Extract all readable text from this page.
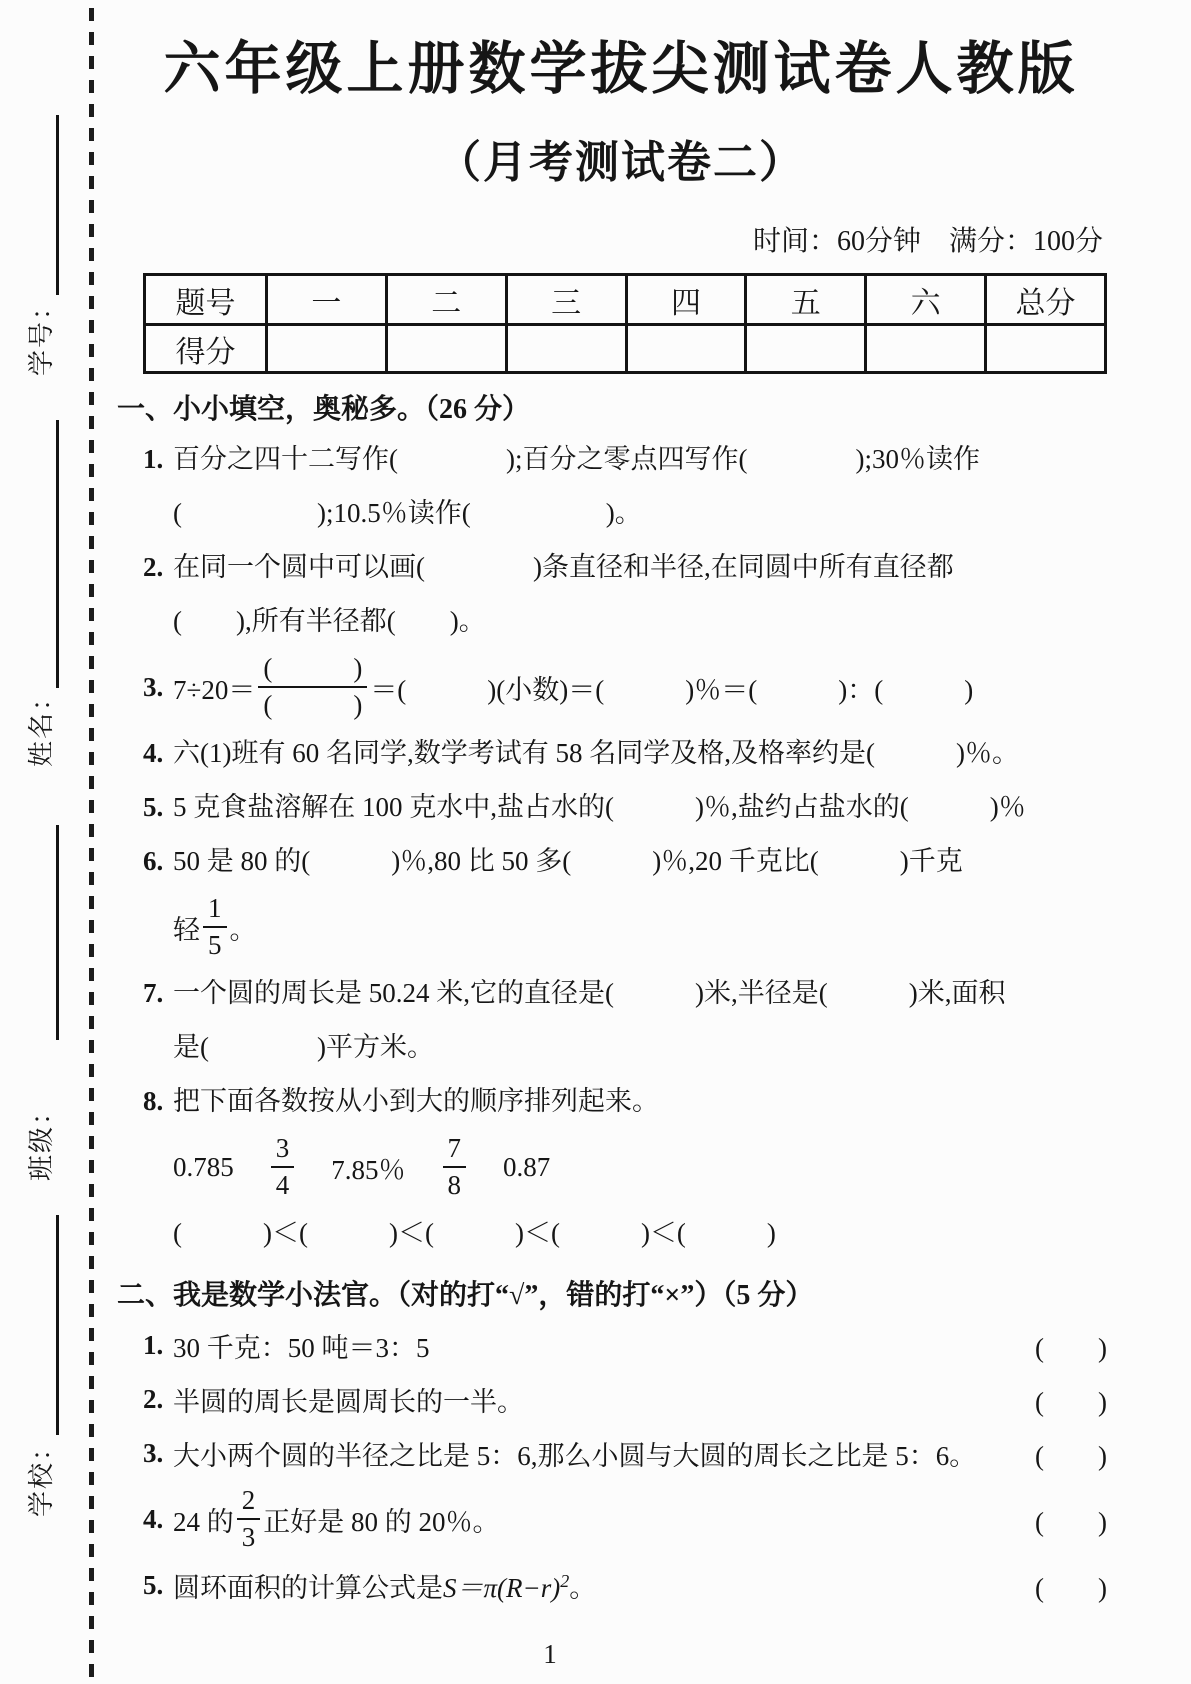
学号：
姓名：
班级：
学校：
六年级上册数学拔尖测试卷人教版
（月考测试卷二）
时间：60分钟　满分：100分
题号	一	二	三	四	五	六	总分
得分							
一、小小填空，奥秘多。（26 分）
1. 百分之四十二写作(　　　　);百分之零点四写作(　　　　);30％读作
(　　　　　);10.5％读作(　　　　　)。
2. 在同一个圆中可以画(　　　　)条直径和半径,在同圆中所有直径都
(　　),所有半径都(　　)。
3. $7\div 20= \frac{( )}{( )}$ ＝(　　　)(小数)＝(　　　)％＝(　　　)：(　　　)
4. 六(1)班有 60 名同学,数学考试有 58 名同学及格,及格率约是(　　　)％。
5. 5 克食盐溶解在 100 克水中,盐占水的(　　　)％,盐约占盐水的(　　　)％
6. 50 是 80 的(　　　)％,80 比 50 多(　　　)％,20 千克比(　　　)千克
轻 $\frac{1}{5}$ 。
7. 一个圆的周长是 50.24 米,它的直径是(　　　)米,半径是(　　　)米,面积
是(　　　　)平方米。
8. 把下面各数按从小到大的顺序排列起来。
$0.785 \frac{3}{4} 7.85$％ $\frac{7}{8} 0.87$
(　　　)＜(　　　)＜(　　　)＜(　　　)＜(　　　)
二、我是数学小法官。（对的打“√”，错的打“×”）（5 分）
1. 30 千克：50 吨＝3：5	(　　)
2. 半圆的周长是圆周长的一半。	(　　)
3. 大小两个圆的半径之比是 5：6,那么小圆与大圆的周长之比是 5：6。	(　　)
4. 24 的 $\frac{2}{3}$ 正好是 80 的 20％。	(　　)
5. 圆环面积的计算公式是 $S=\pi(R-r)^2$ 。	(　　)
1
